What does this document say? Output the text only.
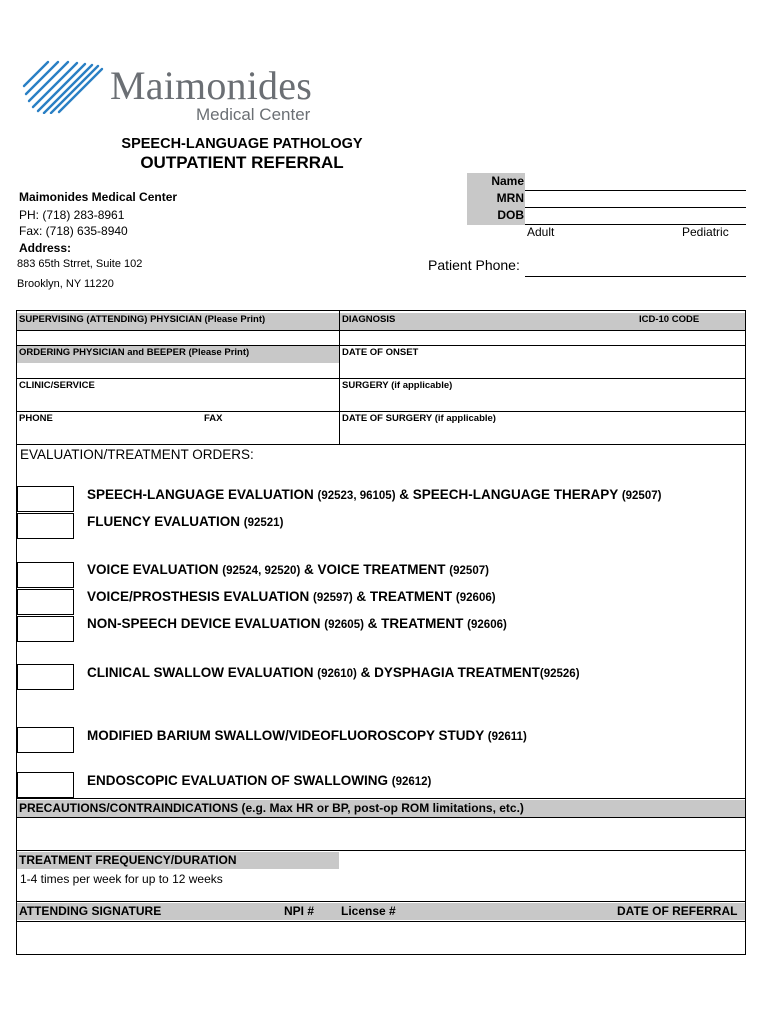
Maimonides
Medical Center
SPEECH-LANGUAGE PATHOLOGY
OUTPATIENT REFERRAL
Maimonides Medical Center
PH: (718) 283-8961
Fax: (718) 635-8940
Address:
883 65th Strret, Suite 102
Brooklyn, NY 11220
Name
MRN
DOB
Adult	Pediatric
Patient Phone:
SUPERVISING (ATTENDING) PHYSICIAN (Please Print)	DIAGNOSIS	ICD-10 CODE
ORDERING PHYSICIAN and BEEPER (Please Print)	DATE OF ONSET
CLINIC/SERVICE	SURGERY (if applicable)
PHONE	FAX	DATE OF SURGERY (if applicable)
EVALUATION/TREATMENT ORDERS:
SPEECH-LANGUAGE EVALUATION (92523, 96105) & SPEECH-LANGUAGE THERAPY (92507)
FLUENCY EVALUATION (92521)
VOICE EVALUATION (92524, 92520) & VOICE TREATMENT (92507)
VOICE/PROSTHESIS EVALUATION (92597) & TREATMENT (92606)
NON-SPEECH DEVICE EVALUATION (92605) & TREATMENT (92606)
CLINICAL SWALLOW EVALUATION (92610) & DYSPHAGIA TREATMENT(92526)
MODIFIED BARIUM SWALLOW/VIDEOFLUOROSCOPY STUDY (92611)
ENDOSCOPIC EVALUATION OF SWALLOWING (92612)
PRECAUTIONS/CONTRAINDICATIONS (e.g. Max HR or BP, post-op ROM limitations, etc.)
TREATMENT FREQUENCY/DURATION
1-4 times per week for up to 12 weeks
ATTENDING SIGNATURE	NPI # License #	DATE OF REFERRAL
